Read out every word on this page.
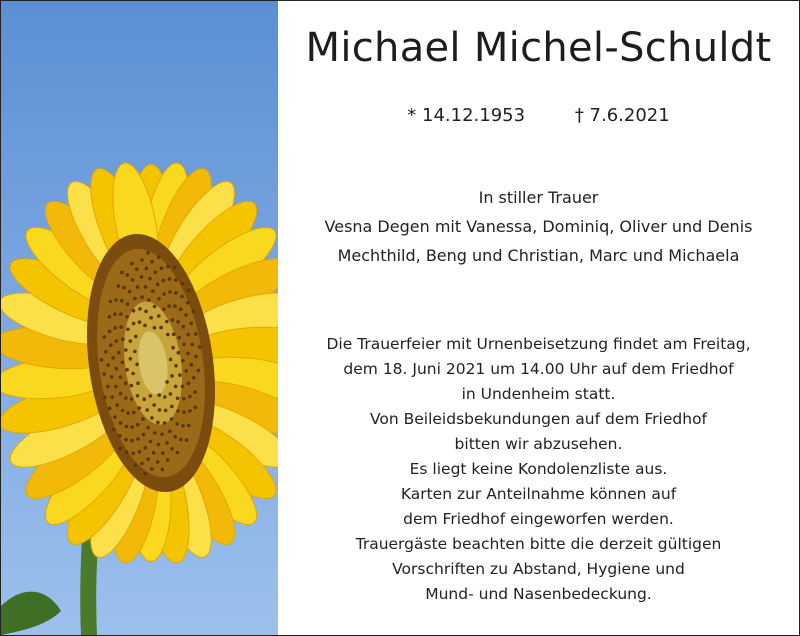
Michael Michel-Schuldt
* 14.12.1953	† 7.6.2021
In stiller Trauer
Vesna Degen mit Vanessa, Dominiq, Oliver und Denis
Mechthild, Beng und Christian, Marc und Michaela

Die Trauerfeier mit Urnenbeisetzung findet am Freitag,

dem 18. Juni 2021 um 14.00 Uhr auf dem Friedhof

in Undenheim statt.

Von Beileidsbekundungen auf dem Friedhof

bitten wir abzusehen.

Es liegt keine Kondolenzliste aus.

Karten zur Anteilnahme können auf

dem Friedhof eingeworfen werden.

Trauergäste beachten bitte die derzeit gültigen

Vorschriften zu Abstand, Hygiene und

Mund- und Nasenbedeckung.
